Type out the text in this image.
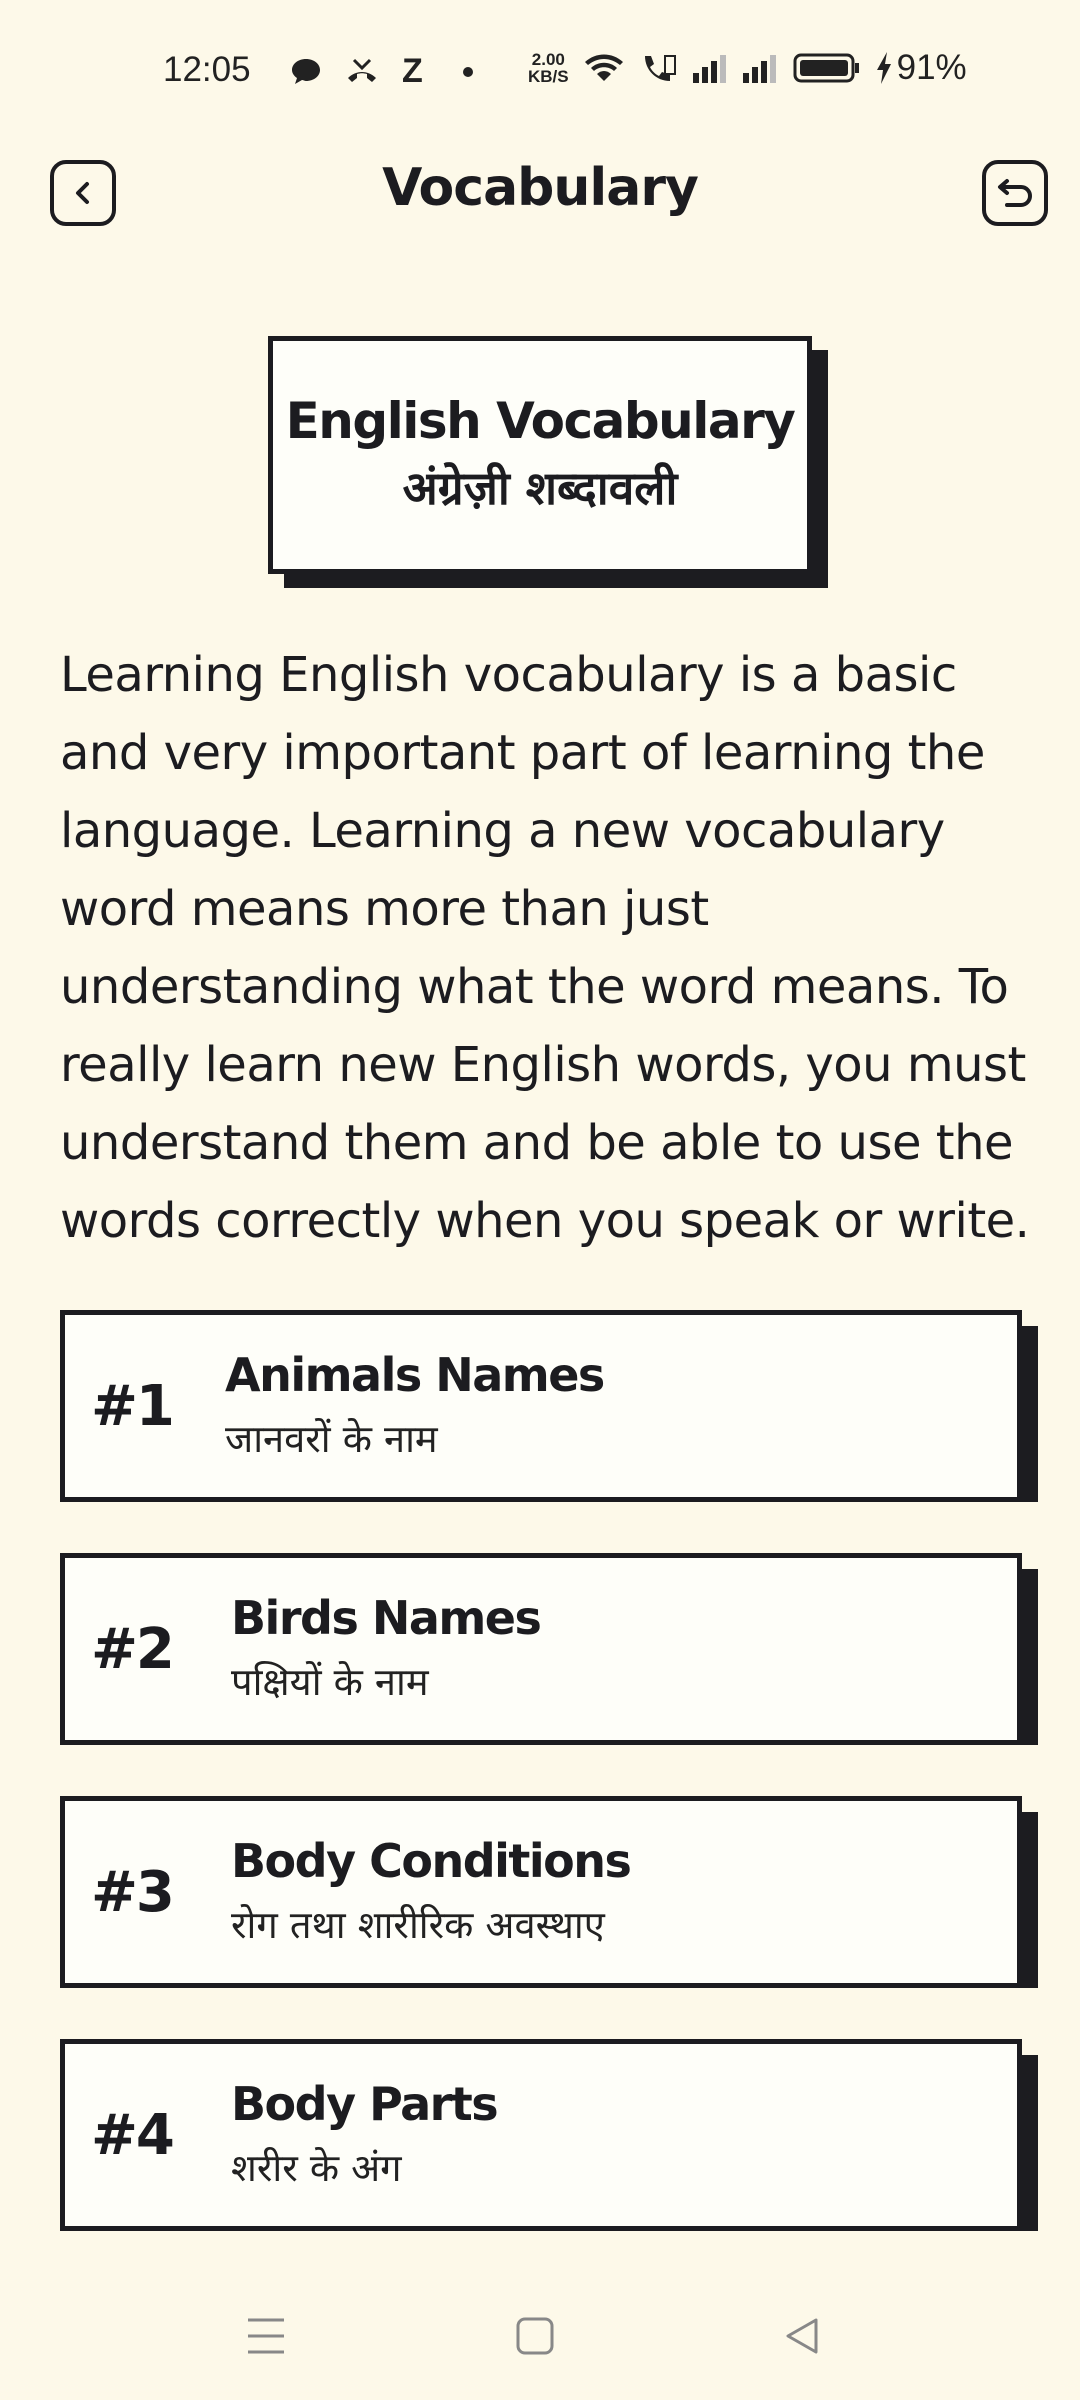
12:05	Z	2.00
KB/S	91%
Vocabulary
English Vocabulary
अंग्रेज़ी शब्दावली

Learning English vocabulary is a basic and very important part of learning the language. Learning a new vocabulary word means more than just understanding what the word means. To really learn new English words, you must understand them and be able to use the words correctly when you speak or write.

#1	Animals Names
जानवरों के नाम
#2	Birds Names
पक्षियों के नाम
#3	Body Conditions
रोग तथा शारीरिक अवस्थाए
#4	Body Parts
शरीर के अंग
